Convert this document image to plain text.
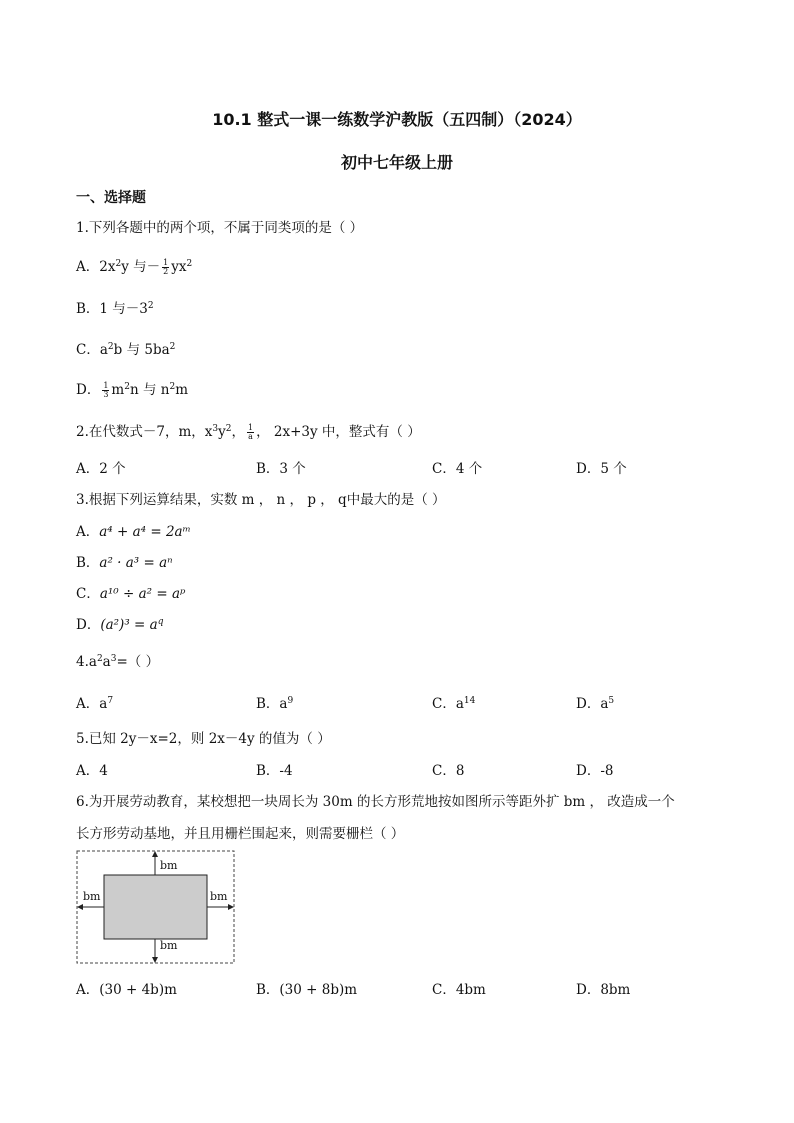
10.1 整式一课一练数学沪教版（五四制）（2024）
初中七年级上册
一、选择题
1.下列各题中的两个项，不属于同类项的是（ ）
A．$2x^2y$ 与－ $\frac{1}{2} yx^2$
B．1 与$-3^2$
C．$a^2b$ 与 $5ba^2$
D． $\frac{1}{3} m^2n$ 与 $n^2m$
2.在代数式－7，m，$x^3y^2$， $\frac{1}{a}$ ， 2x+3y 中，整式有（ ）
A．2 个	B．3 个	C．4 个	D．5 个
3.根据下列运算结果，实数 m ， n ， p ， q中最大的是（ ）
A．a⁴ + a⁴ = 2aᵐ
B．a² · a³ = aⁿ
C．a¹⁰ ÷ a² = aᵖ
D．$(a^2)^3 = a^q$
$4.a^2a^3=$（ ）
A．$a^7$	B．$a^9$	C．$a^{14}$	D．$a^5$
5.已知 2y－x=2，则 2x－4y 的值为（ ）
A．4	B．-4	C．8	D．-8
6.为开展劳动教育，某校想把一块周长为 30m 的长方形荒地按如图所示等距外扩 bm ， 改造成一个
长方形劳动基地，并且用栅栏围起来，则需要栅栏（ ）
bm
bm
bm	bm
A．(30 + 4b)m	B．(30 + 8b)m	C．4bm	D．8bm
